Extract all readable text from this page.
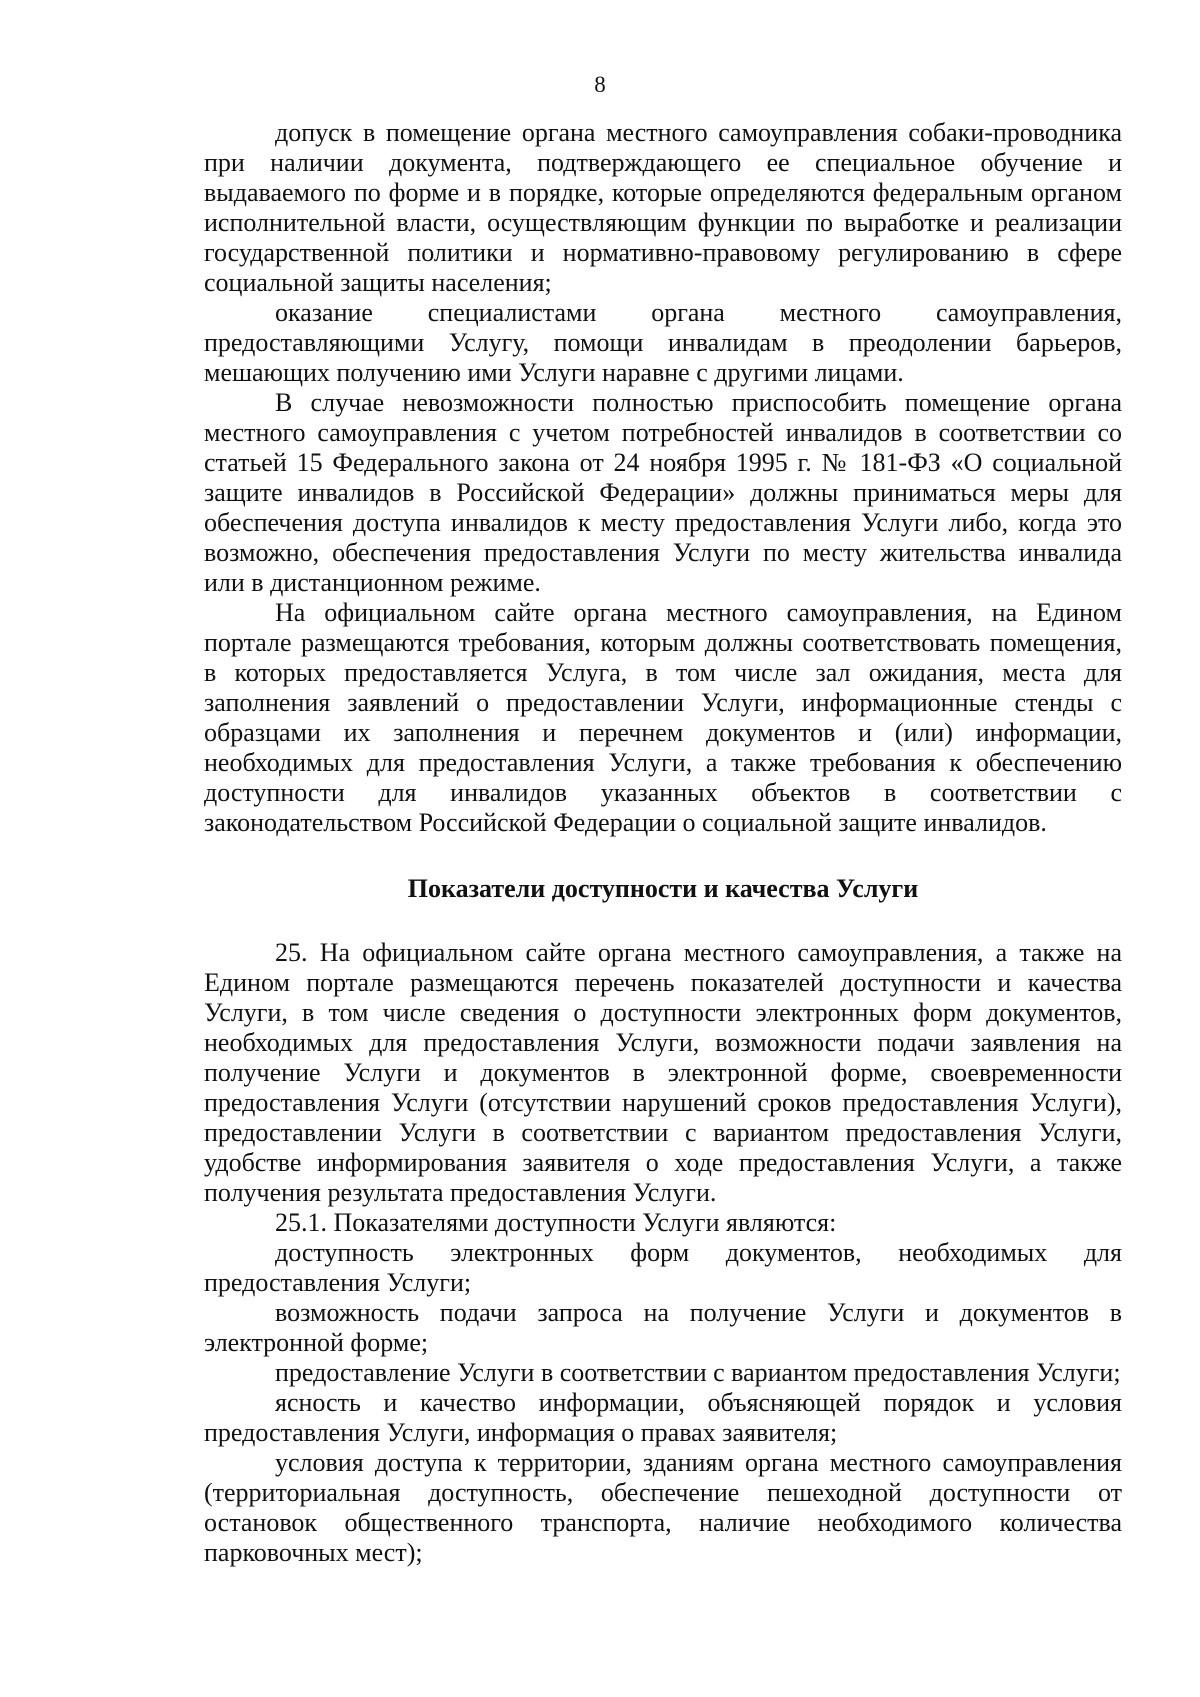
8

допуск в помещение органа местного самоуправления собаки-проводника при наличии документа, подтверждающего ее специальное обучение и выдаваемого по форме и в порядке, которые определяются федеральным органом исполнительной власти, осуществляющим функции по выработке и реализации государственной политики и нормативно-правовому регулированию в сфере социальной защиты населения;

оказание специалистами органа местного самоуправления, предоставляющими Услугу, помощи инвалидам в преодолении барьеров, мешающих получению ими Услуги наравне с другими лицами.

В случае невозможности полностью приспособить помещение органа местного самоуправления с учетом потребностей инвалидов в соответствии со статьей 15 Федерального закона от 24 ноября 1995 г. № 181-ФЗ «О социальной защите инвалидов в Российской Федерации» должны приниматься меры для обеспечения доступа инвалидов к месту предоставления Услуги либо, когда это возможно, обеспечения предоставления Услуги по месту жительства инвалида или в дистанционном режиме.

На официальном сайте органа местного самоуправления, на Едином портале размещаются требования, которым должны соответствовать помещения, в которых предоставляется Услуга, в том числе зал ожидания, места для заполнения заявлений о предоставлении Услуги, информационные стенды с образцами их заполнения и перечнем документов и (или) информации, необходимых для предоставления Услуги, а также требования к обеспечению доступности для инвалидов указанных объектов в соответствии с законодательством Российской Федерации о социальной защите инвалидов.

Показатели доступности и качества Услуги

25. На официальном сайте органа местного самоуправления, а также на Едином портале размещаются перечень показателей доступности и качества Услуги, в том числе сведения о доступности электронных форм документов, необходимых для предоставления Услуги, возможности подачи заявления на получение Услуги и документов в электронной форме, своевременности предоставления Услуги (отсутствии нарушений сроков предоставления Услуги), предоставлении Услуги в соответствии с вариантом предоставления Услуги, удобстве информирования заявителя о ходе предоставления Услуги, а также получения результата предоставления Услуги.

25.1. Показателями доступности Услуги являются:

доступность электронных форм документов, необходимых для предоставления Услуги;

возможность подачи запроса на получение Услуги и документов в электронной форме;

предоставление Услуги в соответствии с вариантом предоставления Услуги;

ясность и качество информации, объясняющей порядок и условия предоставления Услуги, информация о правах заявителя;

условия доступа к территории, зданиям органа местного самоуправления (территориальная доступность, обеспечение пешеходной доступности от остановок общественного транспорта, наличие необходимого количества парковочных мест);
